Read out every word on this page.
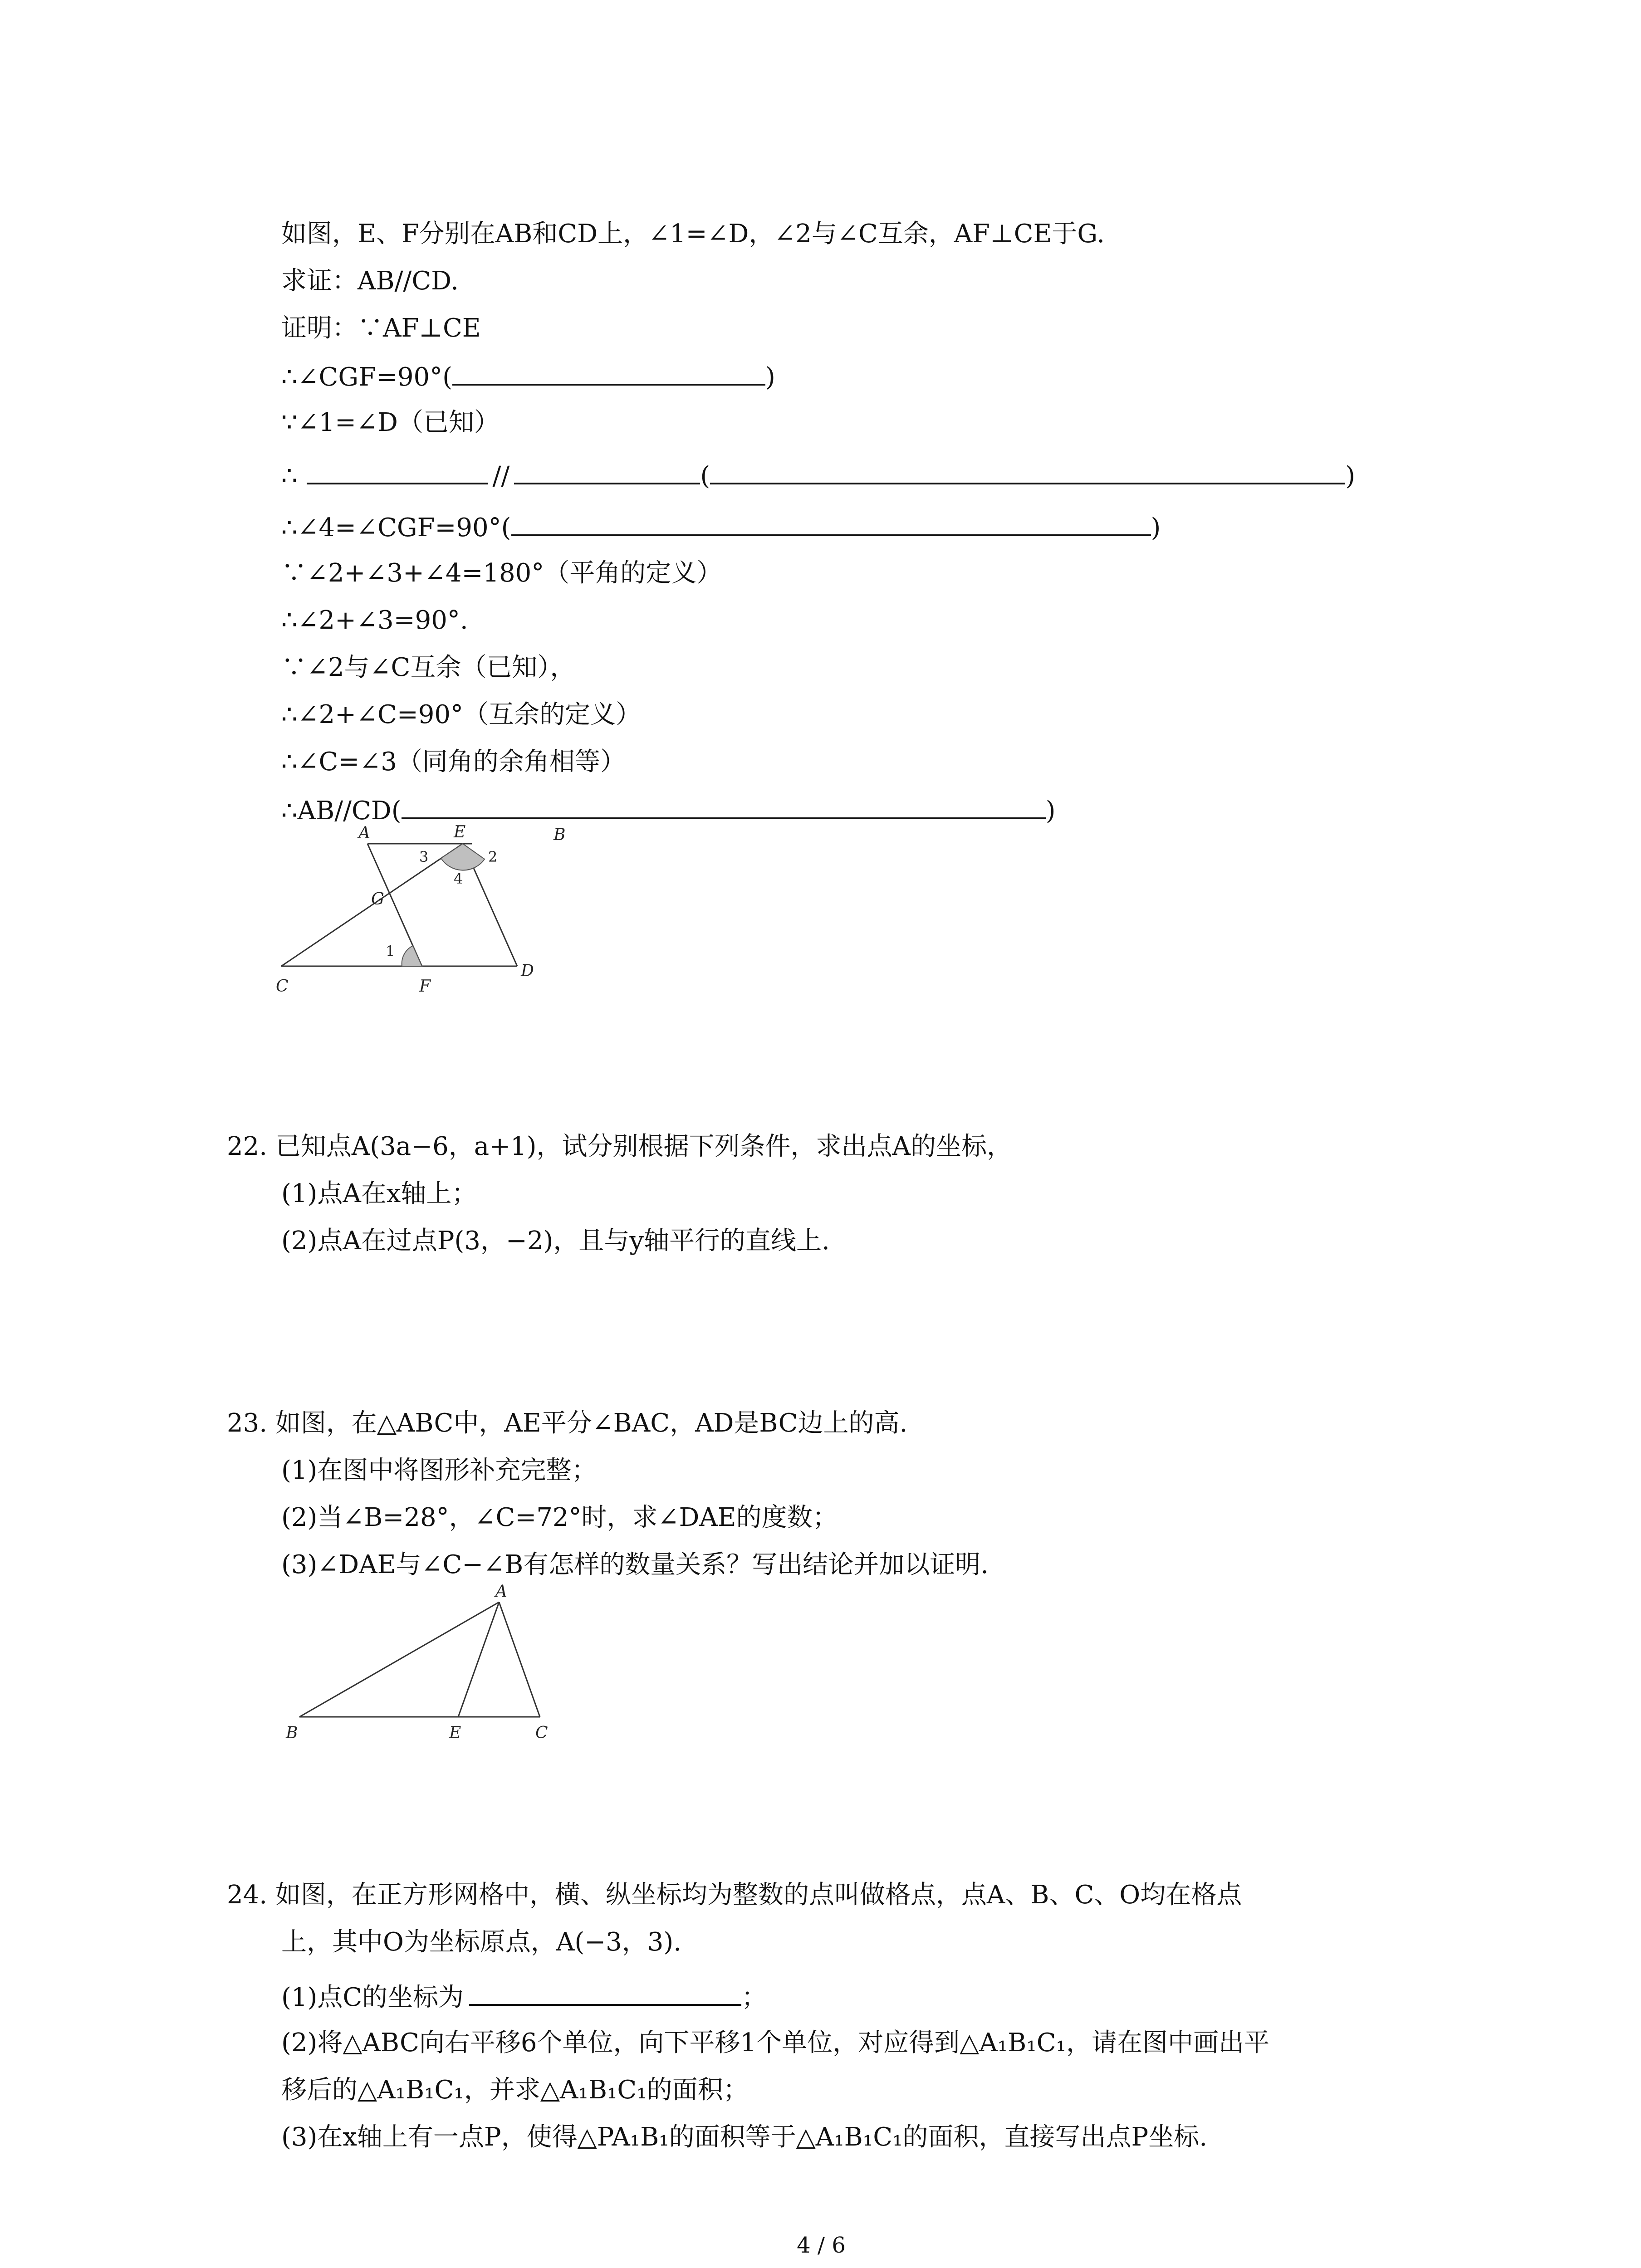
如图，E、F分别在AB和CD上，∠1=∠D，∠2与∠C互余，AF⊥CE于G.
求证：AB//CD.
证明：∵AF⊥CE
∴∠CGF=90°(	)
∵∠1=∠D（已知）
∴	//	(	)
∴∠4=∠CGF=90°(	)
∵∠2+∠3+∠4=180°（平角的定义）
∴∠2+∠3=90°.
∵∠2与∠C互余（已知），
∴∠2+∠C=90°（互余的定义）
∴∠C=∠3（同角的余角相等）
∴AB//CD(	)
A	E	B
G
C	F
D
1
2
3
4
22. 已知点A(3a−6，a+1)，试分别根据下列条件，求出点A的坐标，
(1)点A在x轴上；
(2)点A在过点P(3，−2)，且与y轴平行的直线上.
23. 如图，在△ABC中，AE平分∠BAC，AD是BC边上的高.
(1)在图中将图形补充完整；
(2)当∠B=28°，∠C=72°时，求∠DAE的度数；
(3)∠DAE与∠C−∠B有怎样的数量关系？写出结论并加以证明.
A
B	E	C
24. 如图，在正方形网格中，横、纵坐标均为整数的点叫做格点，点A、B、C、O均在格点
上，其中O为坐标原点，A(−3，3).
(1)点C的坐标为	；
(2)将△ABC向右平移6个单位，向下平移1个单位，对应得到△A₁B₁C₁，请在图中画出平
移后的△A₁B₁C₁，并求△A₁B₁C₁的面积；
(3)在x轴上有一点P，使得△PA₁B₁的面积等于△A₁B₁C₁的面积，直接写出点P坐标.
4 / 6
